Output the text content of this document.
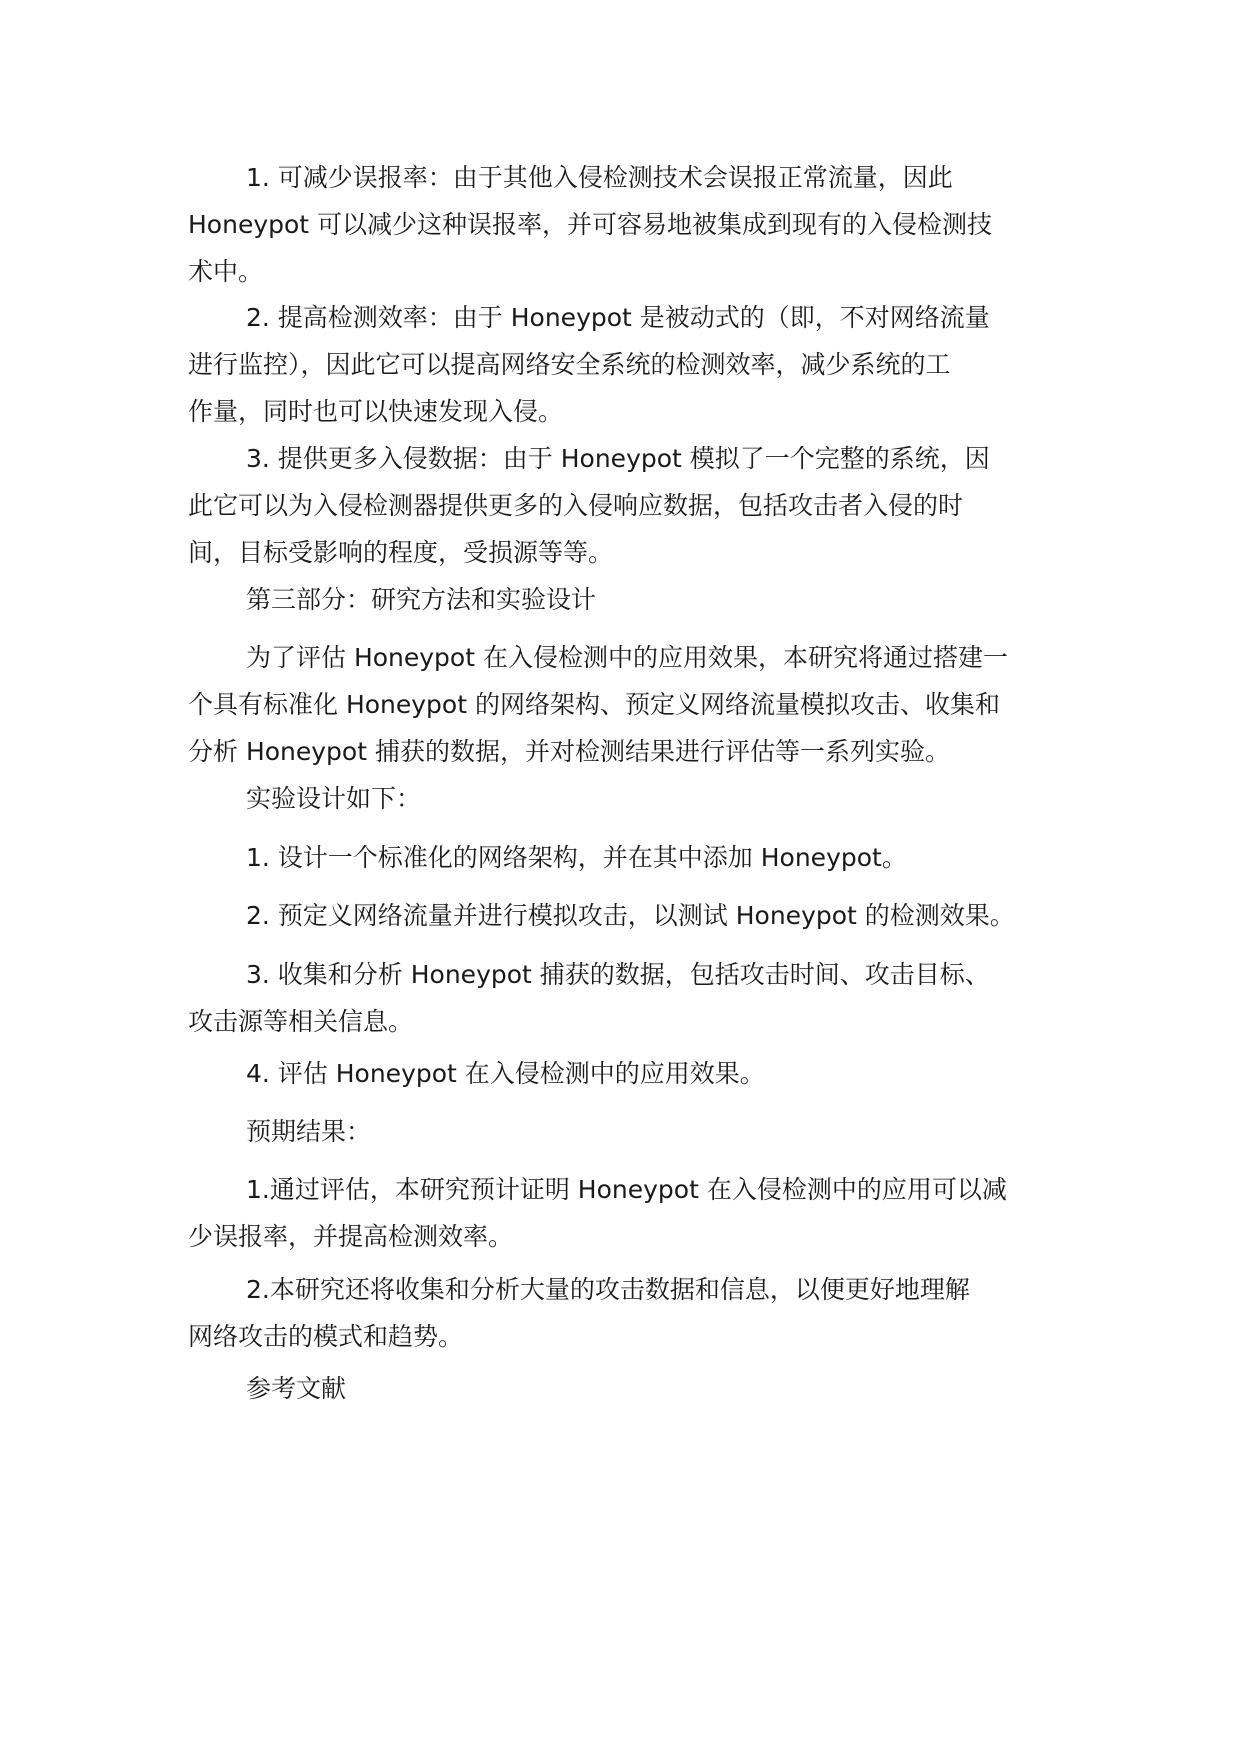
1. 可减少误报率：由于其他入侵检测技术会误报正常流量，因此
Honeypot 可以减少这种误报率，并可容易地被集成到现有的入侵检测技
术中。
2. 提高检测效率：由于 Honeypot 是被动式的（即，不对网络流量
进行监控），因此它可以提高网络安全系统的检测效率，减少系统的工
作量，同时也可以快速发现入侵。
3. 提供更多入侵数据：由于 Honeypot 模拟了一个完整的系统，因
此它可以为入侵检测器提供更多的入侵响应数据，包括攻击者入侵的时
间，目标受影响的程度，受损源等等。
第三部分：研究方法和实验设计
为了评估 Honeypot 在入侵检测中的应用效果，本研究将通过搭建一
个具有标准化 Honeypot 的网络架构、预定义网络流量模拟攻击、收集和
分析 Honeypot 捕获的数据，并对检测结果进行评估等一系列实验。
实验设计如下：
1. 设计一个标准化的网络架构，并在其中添加 Honeypot。
2. 预定义网络流量并进行模拟攻击，以测试 Honeypot 的检测效果。
3. 收集和分析 Honeypot 捕获的数据，包括攻击时间、攻击目标、
攻击源等相关信息。
4. 评估 Honeypot 在入侵检测中的应用效果。
预期结果：
1.通过评估，本研究预计证明 Honeypot 在入侵检测中的应用可以减
少误报率，并提高检测效率。
2.本研究还将收集和分析大量的攻击数据和信息，以便更好地理解
网络攻击的模式和趋势。
参考文献
